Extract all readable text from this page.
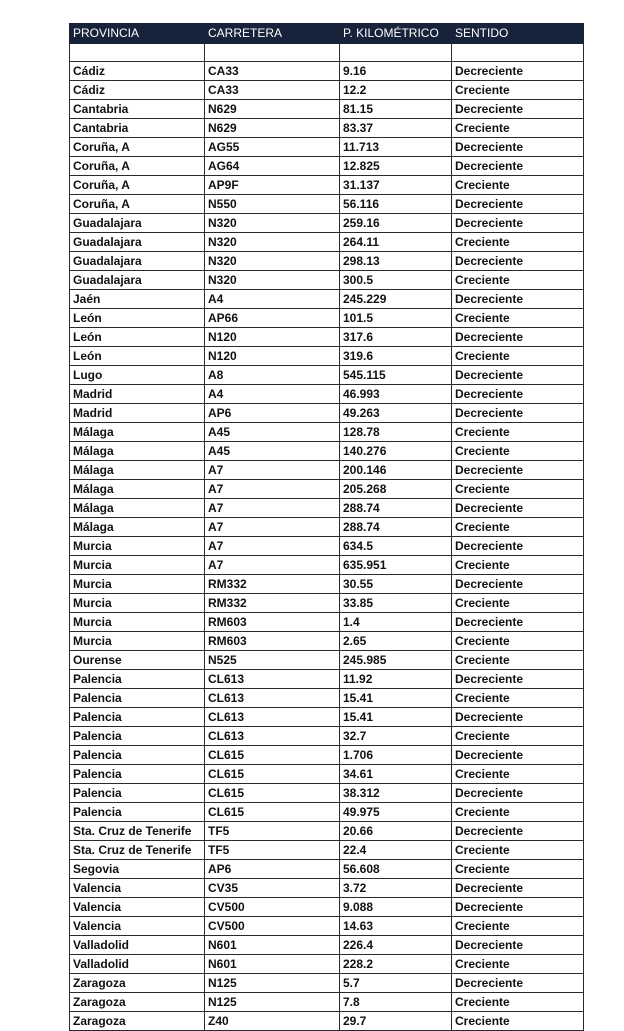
PROVINCIA	CARRETERA	P. KILOMÉTRICO	SENTIDO

Cádiz	CA33	9.16	Decreciente
Cádiz	CA33	12.2	Creciente
Cantabria	N629	81.15	Decreciente
Cantabria	N629	83.37	Creciente
Coruña, A	AG55	11.713	Decreciente
Coruña, A	AG64	12.825	Decreciente
Coruña, A	AP9F	31.137	Creciente
Coruña, A	N550	56.116	Decreciente
Guadalajara	N320	259.16	Decreciente
Guadalajara	N320	264.11	Creciente
Guadalajara	N320	298.13	Decreciente
Guadalajara	N320	300.5	Creciente
Jaén	A4	245.229	Decreciente
León	AP66	101.5	Creciente
León	N120	317.6	Decreciente
León	N120	319.6	Creciente
Lugo	A8	545.115	Decreciente
Madrid	A4	46.993	Decreciente
Madrid	AP6	49.263	Decreciente
Málaga	A45	128.78	Creciente
Málaga	A45	140.276	Creciente
Málaga	A7	200.146	Decreciente
Málaga	A7	205.268	Creciente
Málaga	A7	288.74	Decreciente
Málaga	A7	288.74	Creciente
Murcia	A7	634.5	Decreciente
Murcia	A7	635.951	Creciente
Murcia	RM332	30.55	Decreciente
Murcia	RM332	33.85	Creciente
Murcia	RM603	1.4	Decreciente
Murcia	RM603	2.65	Creciente
Ourense	N525	245.985	Creciente
Palencia	CL613	11.92	Decreciente
Palencia	CL613	15.41	Creciente
Palencia	CL613	15.41	Decreciente
Palencia	CL613	32.7	Creciente
Palencia	CL615	1.706	Decreciente
Palencia	CL615	34.61	Creciente
Palencia	CL615	38.312	Decreciente
Palencia	CL615	49.975	Creciente
Sta. Cruz de Tenerife	TF5	20.66	Decreciente
Sta. Cruz de Tenerife	TF5	22.4	Creciente
Segovia	AP6	56.608	Creciente
Valencia	CV35	3.72	Decreciente
Valencia	CV500	9.088	Decreciente
Valencia	CV500	14.63	Creciente
Valladolid	N601	226.4	Decreciente
Valladolid	N601	228.2	Creciente
Zaragoza	N125	5.7	Decreciente
Zaragoza	N125	7.8	Creciente
Zaragoza	Z40	29.7	Creciente
